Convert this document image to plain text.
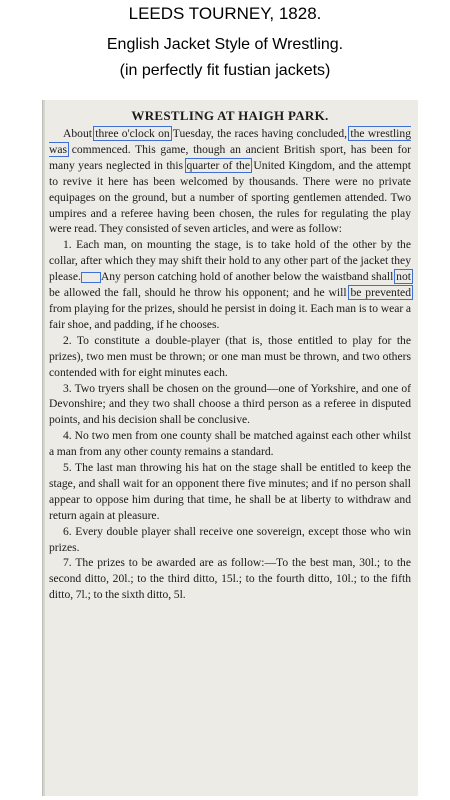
LEEDS TOURNEY, 1828.
English Jacket Style of Wrestling.
(in perfectly fit fustian jackets)
WRESTLING AT HAIGH PARK.

About three o'clock on Tuesday, the races having concluded, the wrestling was commenced. This game, though an ancient British sport, has been for many years neglected in this quarter of the United Kingdom, and the attempt to revive it here has been welcomed by thousands. There were no private equipages on the ground, but a number of sporting gentlemen attended. Two umpires and a referee having been chosen, the rules for regulating the play were read. They consisted of seven articles, and were as follow:

1. Each man, on mounting the stage, is to take hold of the other by the collar, after which they may shift their hold to any other part of the jacket they please. Any person catching hold of another below the waistband shall not be allowed the fall, should he throw his opponent; and he will be prevented from playing for the prizes, should he persist in doing it. Each man is to wear a fair shoe, and padding, if he chooses.

2. To constitute a double-player (that is, those entitled to play for the prizes), two men must be thrown; or one man must be thrown, and two others contended with for eight minutes each.

3. Two tryers shall be chosen on the ground—one of Yorkshire, and one of Devonshire; and they two shall choose a third person as a referee in disputed points, and his decision shall be conclusive.

4. No two men from one county shall be matched against each other whilst a man from any other county remains a standard.

5. The last man throwing his hat on the stage shall be entitled to keep the stage, and shall wait for an opponent there five minutes; and if no person shall appear to oppose him during that time, he shall be at liberty to withdraw and return again at pleasure.

6. Every double player shall receive one sovereign, except those who win prizes.

7. The prizes to be awarded are as follow:—To the best man, 30l.; to the second ditto, 20l.; to the third ditto, 15l.; to the fourth ditto, 10l.; to the fifth ditto, 7l.; to the sixth ditto, 5l.
